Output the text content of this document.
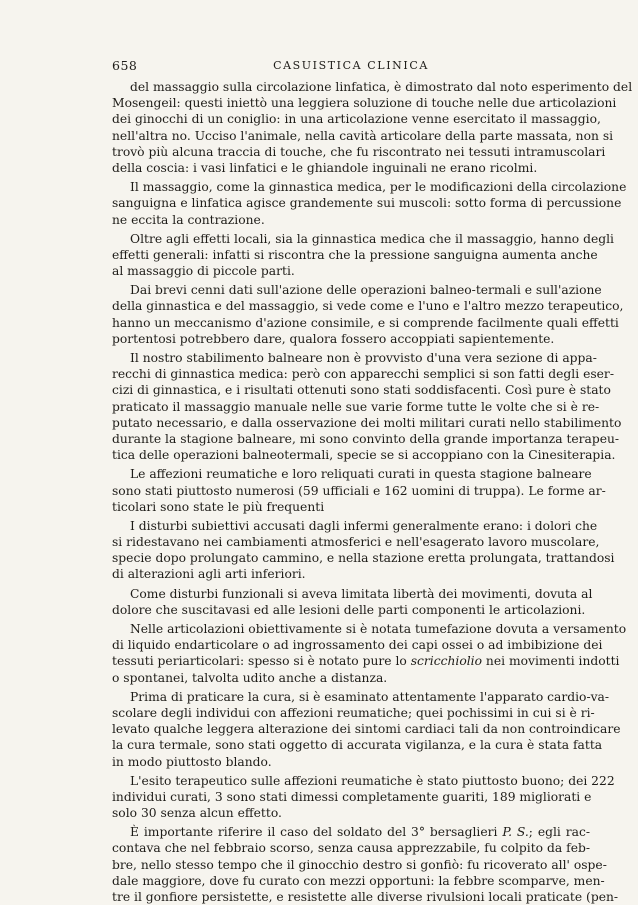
658	CASUISTICA CLINICA
del massaggio sulla circolazione linfatica, è dimostrato dal noto esperimento del
Mosengeil: questi iniettò una leggiera soluzione di touche nelle due articolazioni
dei ginocchi di un coniglio: in una articolazione venne esercitato il massaggio,
nell'altra no. Ucciso l'animale, nella cavità articolare della parte massata, non si
trovò più alcuna traccia di touche, che fu riscontrato nei tessuti intramuscolari
della coscia: i vasi linfatici e le ghiandole inguinali ne erano ricolmi.
Il massaggio, come la ginnastica medica, per le modificazioni della circolazione
sanguigna e linfatica agisce grandemente sui muscoli: sotto forma di percussione
ne eccita la contrazione.
Oltre agli effetti locali, sia la ginnastica medica che il massaggio, hanno degli
effetti generali: infatti si riscontra che la pressione sanguigna aumenta anche
al massaggio di piccole parti.
Dai brevi cenni dati sull'azione delle operazioni balneo-termali e sull'azione
della ginnastica e del massaggio, si vede come e l'uno e l'altro mezzo terapeutico,
hanno un meccanismo d'azione consimile, e si comprende facilmente quali effetti
portentosi potrebbero dare, qualora fossero accoppiati sapientemente.
Il nostro stabilimento balneare non è provvisto d'una vera sezione di appa-
recchi di ginnastica medica: però con apparecchi semplici si son fatti degli eser-
cizi di ginnastica, e i risultati ottenuti sono stati soddisfacenti. Così pure è stato
praticato il massaggio manuale nelle sue varie forme tutte le volte che si è re-
putato necessario, e dalla osservazione dei molti militari curati nello stabilimento
durante la stagione balneare, mi sono convinto della grande importanza terapeu-
tica delle operazioni balneotermali, specie se si accoppiano con la Cinesiterapia.
Le affezioni reumatiche e loro reliquati curati in questa stagione balneare
sono stati piuttosto numerosi (59 ufficiali e 162 uomini di truppa). Le forme ar-
ticolari sono state le più frequenti
I disturbi subiettivi accusati dagli infermi generalmente erano: i dolori che
si ridestavano nei cambiamenti atmosferici e nell'esagerato lavoro muscolare,
specie dopo prolungato cammino, e nella stazione eretta prolungata, trattandosi
di alterazioni agli arti inferiori.
Come disturbi funzionali si aveva limitata libertà dei movimenti, dovuta al
dolore che suscitavasi ed alle lesioni delle parti componenti le articolazioni.
Nelle articolazioni obiettivamente si è notata tumefazione dovuta a versamento
di liquido endarticolare o ad ingrossamento dei capi ossei o ad imbibizione dei
tessuti periarticolari: spesso si è notato pure lo scricchiolio nei movimenti indotti
o spontanei, talvolta udito anche a distanza.
Prima di praticare la cura, si è esaminato attentamente l'apparato cardio-va-
scolare degli individui con affezioni reumatiche; quei pochissimi in cui si è ri-
levato qualche leggera alterazione dei sintomi cardiaci tali da non controindicare
la cura termale, sono stati oggetto di accurata vigilanza, e la cura è stata fatta
in modo piuttosto blando.
L'esito terapeutico sulle affezioni reumatiche è stato piuttosto buono; dei 222
individui curati, 3 sono stati dimessi completamente guariti, 189 migliorati e
solo 30 senza alcun effetto.
È importante riferire il caso del soldato del 3° bersaglieri P. S.; egli rac-
contava che nel febbraio scorso, senza causa apprezzabile, fu colpito da feb-
bre, nello stesso tempo che il ginocchio destro si gonfiò: fu ricoverato all' ospe-
dale maggiore, dove fu curato con mezzi opportuni: la febbre scomparve, men-
tre il gonfiore persistette, e resistette alle diverse rivulsioni locali praticate (pen-
